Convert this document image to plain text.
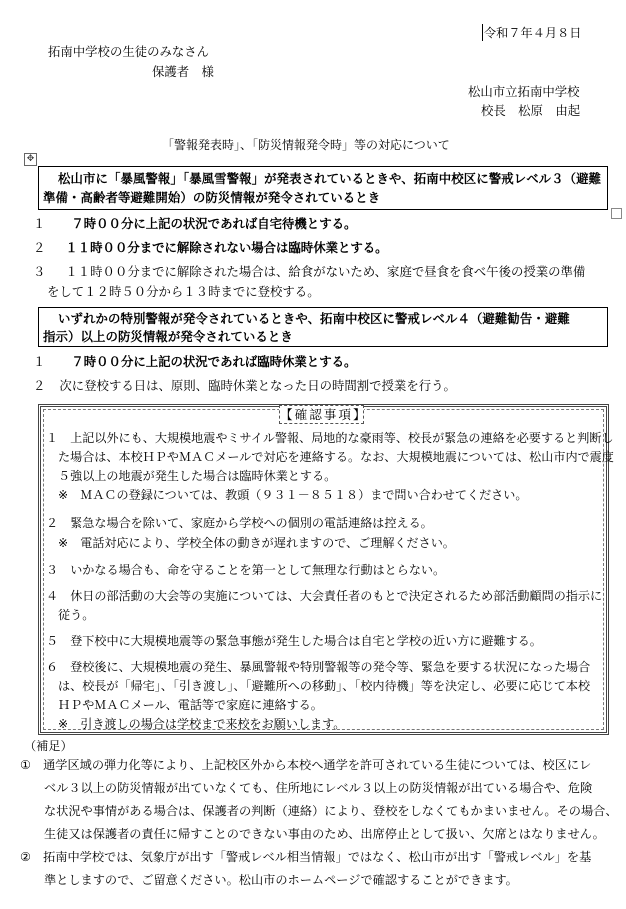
令和７年４月８日
拓南中学校の生徒のみなさん
保護者　様
松山市立拓南中学校
校長　松原　由起
「警報発表時」、「防災情報発令時」等の対応について
✥
松山市に「暴風警報」「暴風雪警報」が発表されているときや、拓南中校区に警戒レベル３（避難
準備・高齢者等避難開始）の防災情報が発令されているとき
１ ７時００分に上記の状況であれば自宅待機とする。
２ １１時００分までに解除されない場合は臨時休業とする。
３ １１時００分までに解除された場合は、給食がないため、家庭で昼食を食べ午後の授業の準備
をして１２時５０分から１３時までに登校する。
いずれかの特別警報が発令されているときや、拓南中校区に警戒レベル４（避難勧告・避難
指示）以上の防災情報が発令されているとき
１ ７時００分に上記の状況であれば臨時休業とする。
２ 次に登校する日は、原則、臨時休業となった日の時間割で授業を行う。
【確認事項】
１　上記以外にも、大規模地震やミサイル警報、局地的な豪雨等、校長が緊急の連絡を必要すると判断し
た場合は、本校ＨＰやＭＡＣメールで対応を連絡する。なお、大規模地震については、松山市内で震度
５強以上の地震が発生した場合は臨時休業とする。
※　ＭＡＣの登録については、教頭（９３１－８５１８）まで問い合わせてください。
２　緊急な場合を除いて、家庭から学校への個別の電話連絡は控える。
※　電話対応により、学校全体の動きが遅れますので、ご理解ください。
３　いかなる場合も、命を守ることを第一として無理な行動はとらない。
４　休日の部活動の大会等の実施については、大会責任者のもとで決定されるため部活動顧問の指示に
従う。
５　登下校中に大規模地震等の緊急事態が発生した場合は自宅と学校の近い方に避難する。
６　登校後に、大規模地震の発生、暴風警報や特別警報等の発令等、緊急を要する状況になった場合
は、校長が「帰宅」、「引き渡し」、「避難所への移動」、「校内待機」等を決定し、必要に応じて本校
ＨＰやＭＡＣメール、電話等で家庭に連絡する。
※　引き渡しの場合は学校まで来校をお願いします。
（補足）
①　通学区域の弾力化等により、上記校区外から本校へ通学を許可されている生徒については、校区にレ
ベル３以上の防災情報が出ていなくても、住所地にレベル３以上の防災情報が出ている場合や、危険
な状況や事情がある場合は、保護者の判断（連絡）により、登校をしなくてもかまいません。その場合、
生徒又は保護者の責任に帰すことのできない事由のため、出席停止として扱い、欠席とはなりません。
②　拓南中学校では、気象庁が出す「警戒レベル相当情報」ではなく、松山市が出す「警戒レベル」を基
準としますので、ご留意ください。松山市のホームページで確認することができます。
